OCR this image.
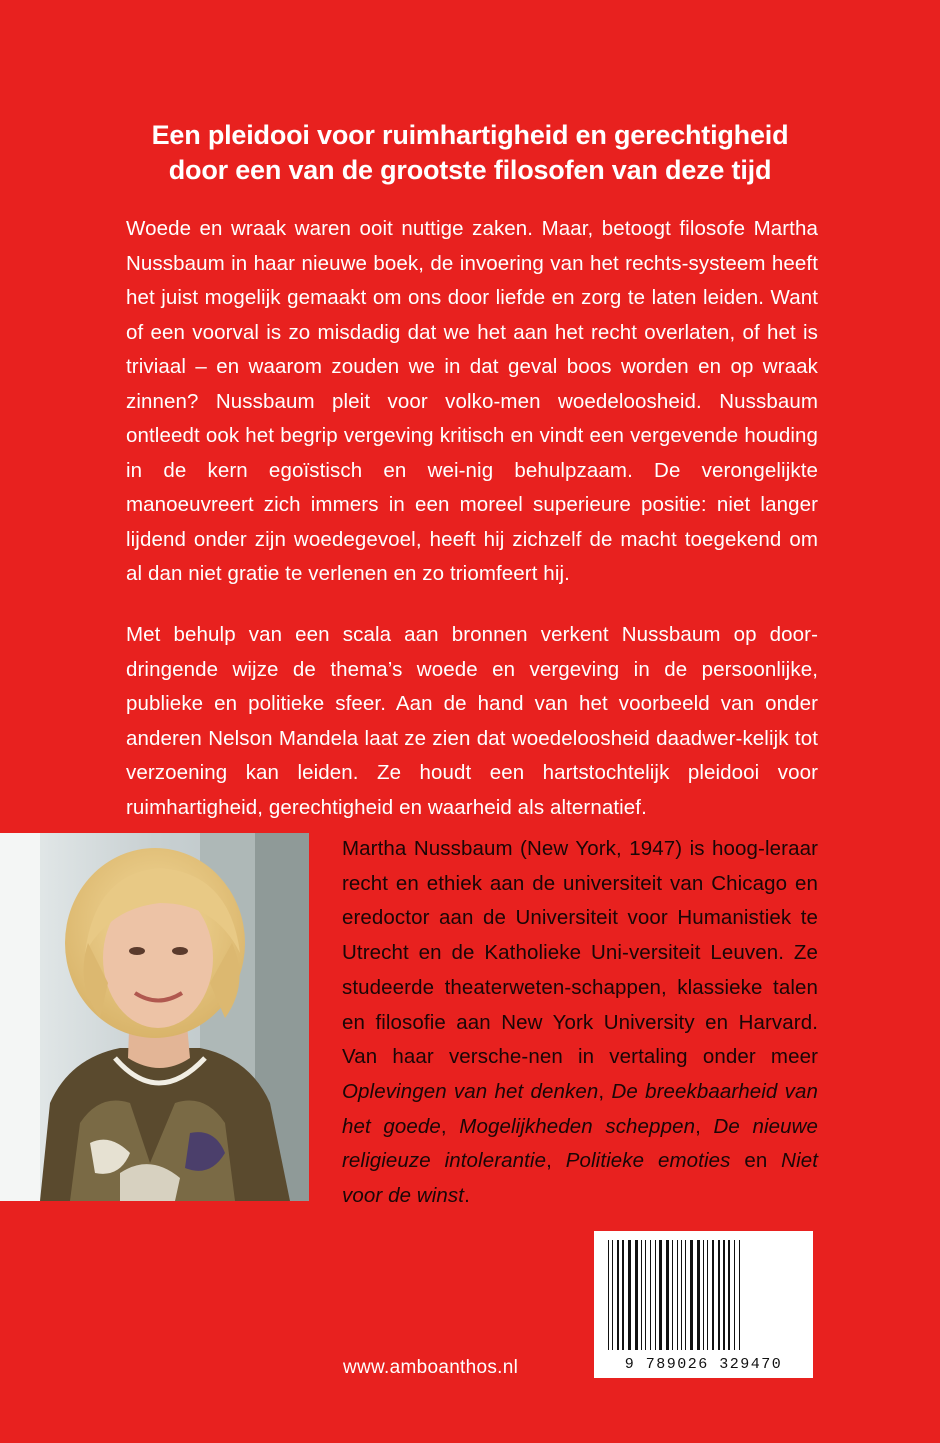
Een pleidooi voor ruimhartigheid en gerechtigheid
door een van de grootste filosofen van deze tijd

Woede en wraak waren ooit nuttige zaken. Maar, betoogt filosofe Martha Nussbaum in haar nieuwe boek, de invoering van het rechts-systeem heeft het juist mogelijk gemaakt om ons door liefde en zorg te laten leiden. Want of een voorval is zo misdadig dat we het aan het recht overlaten, of het is triviaal – en waarom zouden we in dat geval boos worden en op wraak zinnen? Nussbaum pleit voor volko-men woedeloosheid. Nussbaum ontleedt ook het begrip vergeving kritisch en vindt een vergevende houding in de kern egoïstisch en wei-nig behulpzaam. De verongelijkte manoeuvreert zich immers in een moreel superieure positie: niet langer lijdend onder zijn woedegevoel, heeft hij zichzelf de macht toegekend om al dan niet gratie te verlenen en zo triomfeert hij.

Met behulp van een scala aan bronnen verkent Nussbaum op door-dringende wijze de thema’s woede en vergeving in de persoonlijke, publieke en politieke sfeer. Aan de hand van het voorbeeld van onder anderen Nelson Mandela laat ze zien dat woedeloosheid daadwer-kelijk tot verzoening kan leiden. Ze houdt een hartstochtelijk pleidooi voor ruimhartigheid, gerechtigheid en waarheid als alternatief.

Martha Nussbaum (New York, 1947) is hoog-leraar recht en ethiek aan de universiteit van Chicago en eredoctor aan de Universiteit voor Humanistiek te Utrecht en de Katholieke Uni-versiteit Leuven. Ze studeerde theaterweten-schappen, klassieke talen en filosofie aan New York University en Harvard. Van haar versche-nen in vertaling onder meer Oplevingen van het denken, De breekbaarheid van het goede, Mogelijkheden scheppen, De nieuwe religieuze intolerantie, Politieke emoties en Niet voor de winst.

9 789026 329470
www.amboanthos.nl
